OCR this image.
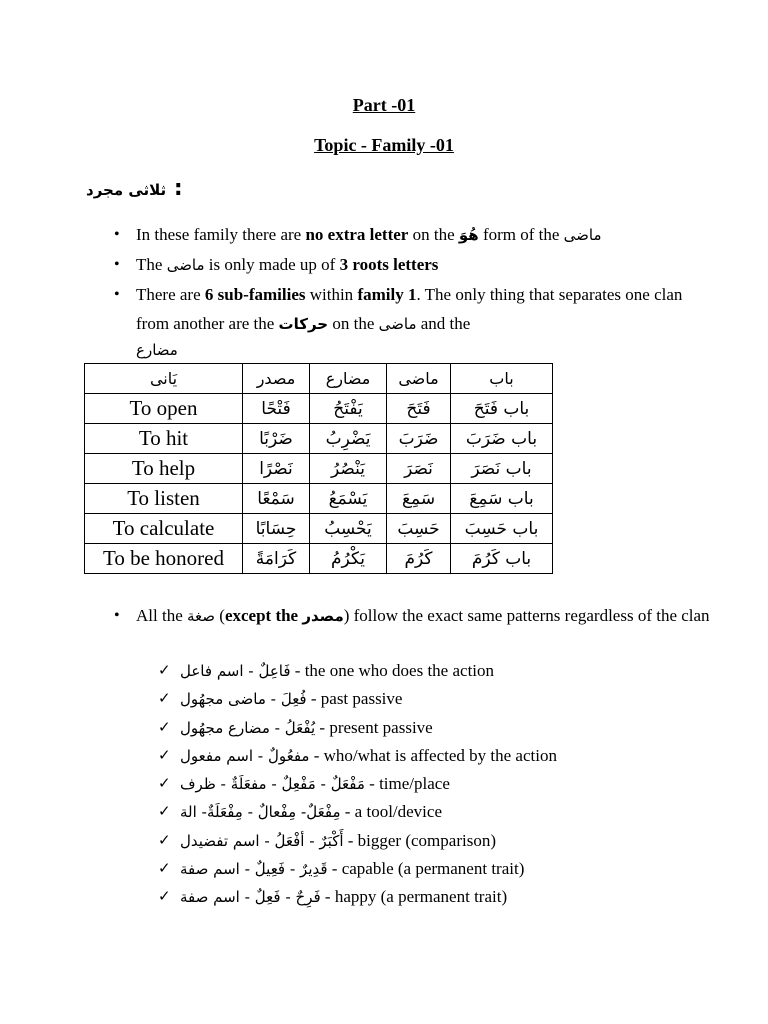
Part -01
Topic - Family -01
ثلاثی مجرد :
• In these family there are no extra letter on the هُوَ form of the ماضی
• The ماضی is only made up of 3 roots letters
• There are 6 sub-families within family 1. The only thing that separates one clan from another are the حرکات on the ماضی and the
مضارع
یَانی	مصدر	مضارع	ماضی	باب
To open	فَتْحًا	يَفْتَحُ	فَتَحَ	باب فَتَحَ
To hit	ضَرْبًا	يَضْرِبُ	ضَرَبَ	باب ضَرَبَ
To help	نَصْرًا	يَنْصُرُ	نَصَرَ	باب نَصَرَ
To listen	سَمْعًا	يَسْمَعُ	سَمِعَ	باب سَمِعَ
To calculate	حِسَابًا	يَحْسِبُ	حَسِبَ	باب حَسِبَ
To be honored	كَرَامَةً	يَكْرُمُ	كَرُمَ	باب كَرُمَ
• All the صغة (except the مصدر) follow the exact same patterns regardless of the clan
✓ فَاعِلٌ - اسم فاعل - the one who does the action
✓ فُعِلَ - ماضی مجهُول - past passive
✓ يُفْعَلُ - مضارع مجهُول - present passive
✓ مفعُولٌ - اسم مفعول - who/what is affected by the action
✓ مَفْعَلٌ - مَفْعِلٌ - مفعَلَةٌ - ظرف - time/place
✓ مِفْعَلٌ- مِفْعالٌ - مِفْعَلَةٌ- الة - a tool/device
✓ أَكْبَرٌ - أفْعَلُ - اسم تفضيدل - bigger (comparison)
✓ قَدِيرٌ - فَعِيلٌ - اسم صفة - capable (a permanent trait)
✓ فَرِحٌ - فَعِلٌ - اسم صفة - happy (a permanent trait)
